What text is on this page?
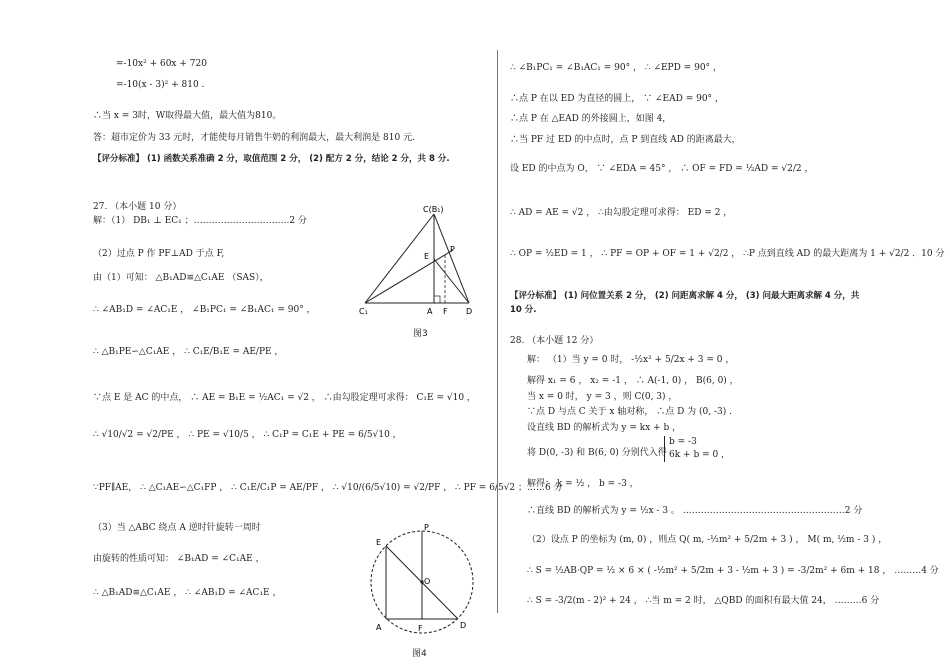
=-10x² + 60x + 720
=-10(x - 3)² + 810 .
∴当 x = 3时，W取得最大值，最大值为810。
答：超市定价为 33 元时，才能使每月销售牛奶的利润最大，最大利润是 810 元.
【评分标准】 (1) 函数关系准确 2 分，取值范围 2 分， (2) 配方 2 分，结论 2 分，共 8 分.
27. （本小题 10 分）
解：（1） DB₁ ⊥ EC₁ ；…………………………..2 分
（2）过点 P 作 PF⊥AD 于点 F,
由（1）可知： △B₁AD≌△C₁AE （SAS），
∴ ∠AB₁D = ∠AC₁E ， ∠B₁PC₁ = ∠B₁AC₁ = 90° ，
∴ △B₁PE∽△C₁AE ， ∴ C₁E/B₁E = AE/PE ，
∵点 E 是 AC 的中点， ∴ AE = B₁E = ½AC₁ = √2 ， ∴由勾股定理可求得： C₁E = √10 ，
∴ √10/√2 = √2/PE ， ∴ PE = √10/5 ， ∴ C₁P = C₁E + PE = 6/5√10 ，
∵PF∥AE， ∴ △C₁AE∽△C₁FP ， ∴ C₁E/C₁P = AE/PF ， ∴ √10/(6/5√10) = √2/PF ， ∴ PF = 6/5√2 ；……6 分
（3）当 △ABC 绕点 A 逆时针旋转一周时
由旋转的性质可知： ∠B₁AD = ∠C₁AE ，
∴ △B₁AD≌△C₁AE ， ∴ ∠AB₁D = ∠AC₁E ，
C(B₁)
E
P
C₁	A F D
图3
E
P
O
A	F	D
图4
∴ ∠B₁PC₁ = ∠B₁AC₁ = 90° ， ∴ ∠EPD = 90° ，
∴点 P 在以 ED 为直径的圆上， ∵ ∠EAD = 90° ，
∴点 P 在 △EAD 的外接圆上，如图 4，
∴当 PF 过 ED 的中点时，点 P 到直线 AD 的距离最大，
设 ED 的中点为 O， ∵ ∠EDA = 45° ， ∴ OF = FD = ½AD = √2/2 ，
∴ AD = AE = √2 ， ∴由勾股定理可求得： ED = 2 ，
∴ OP = ½ED = 1 ， ∴ PF = OP + OF = 1 + √2/2 ， ∴P 点到直线 AD 的最大距离为 1 + √2/2 ．10 分
【评分标准】 (1) 问位置关系 2 分， (2) 问距离求解 4 分， (3) 问最大距离求解 4 分，共
10 分.
28. （本小题 12 分）
解： （1）当 y = 0 时， -½x² + 5/2x + 3 = 0 ，
解得 x₁ = 6 ， x₂ = -1 ， ∴ A(-1, 0) ， B(6, 0) ，
当 x = 0 时， y = 3 ，则 C(0, 3) ，
∵点 D 与点 C 关于 x 轴对称， ∴点 D 为 (0, -3) .
设直线 BD 的解析式为 y = kx + b ，
将 D(0, -3) 和 B(6, 0) 分别代入得
b = -3
6k + b = 0 ，
解得： k = ½ ， b = -3 ，
∴直线 BD 的解析式为 y = ½x - 3 。 ………………………………………………2 分
（2）设点 P 的坐标为 (m, 0) ，则点 Q( m, -½m² + 5/2m + 3 ) ， M( m, ½m - 3 ) ，
∴ S = ½AB·QP = ½ × 6 × ( -½m² + 5/2m + 3 - ½m + 3 ) = -3/2m² + 6m + 18 ， ………4 分
∴ S = -3/2(m - 2)² + 24 ， ∴当 m = 2 时， △QBD 的面积有最大值 24， ………6 分
